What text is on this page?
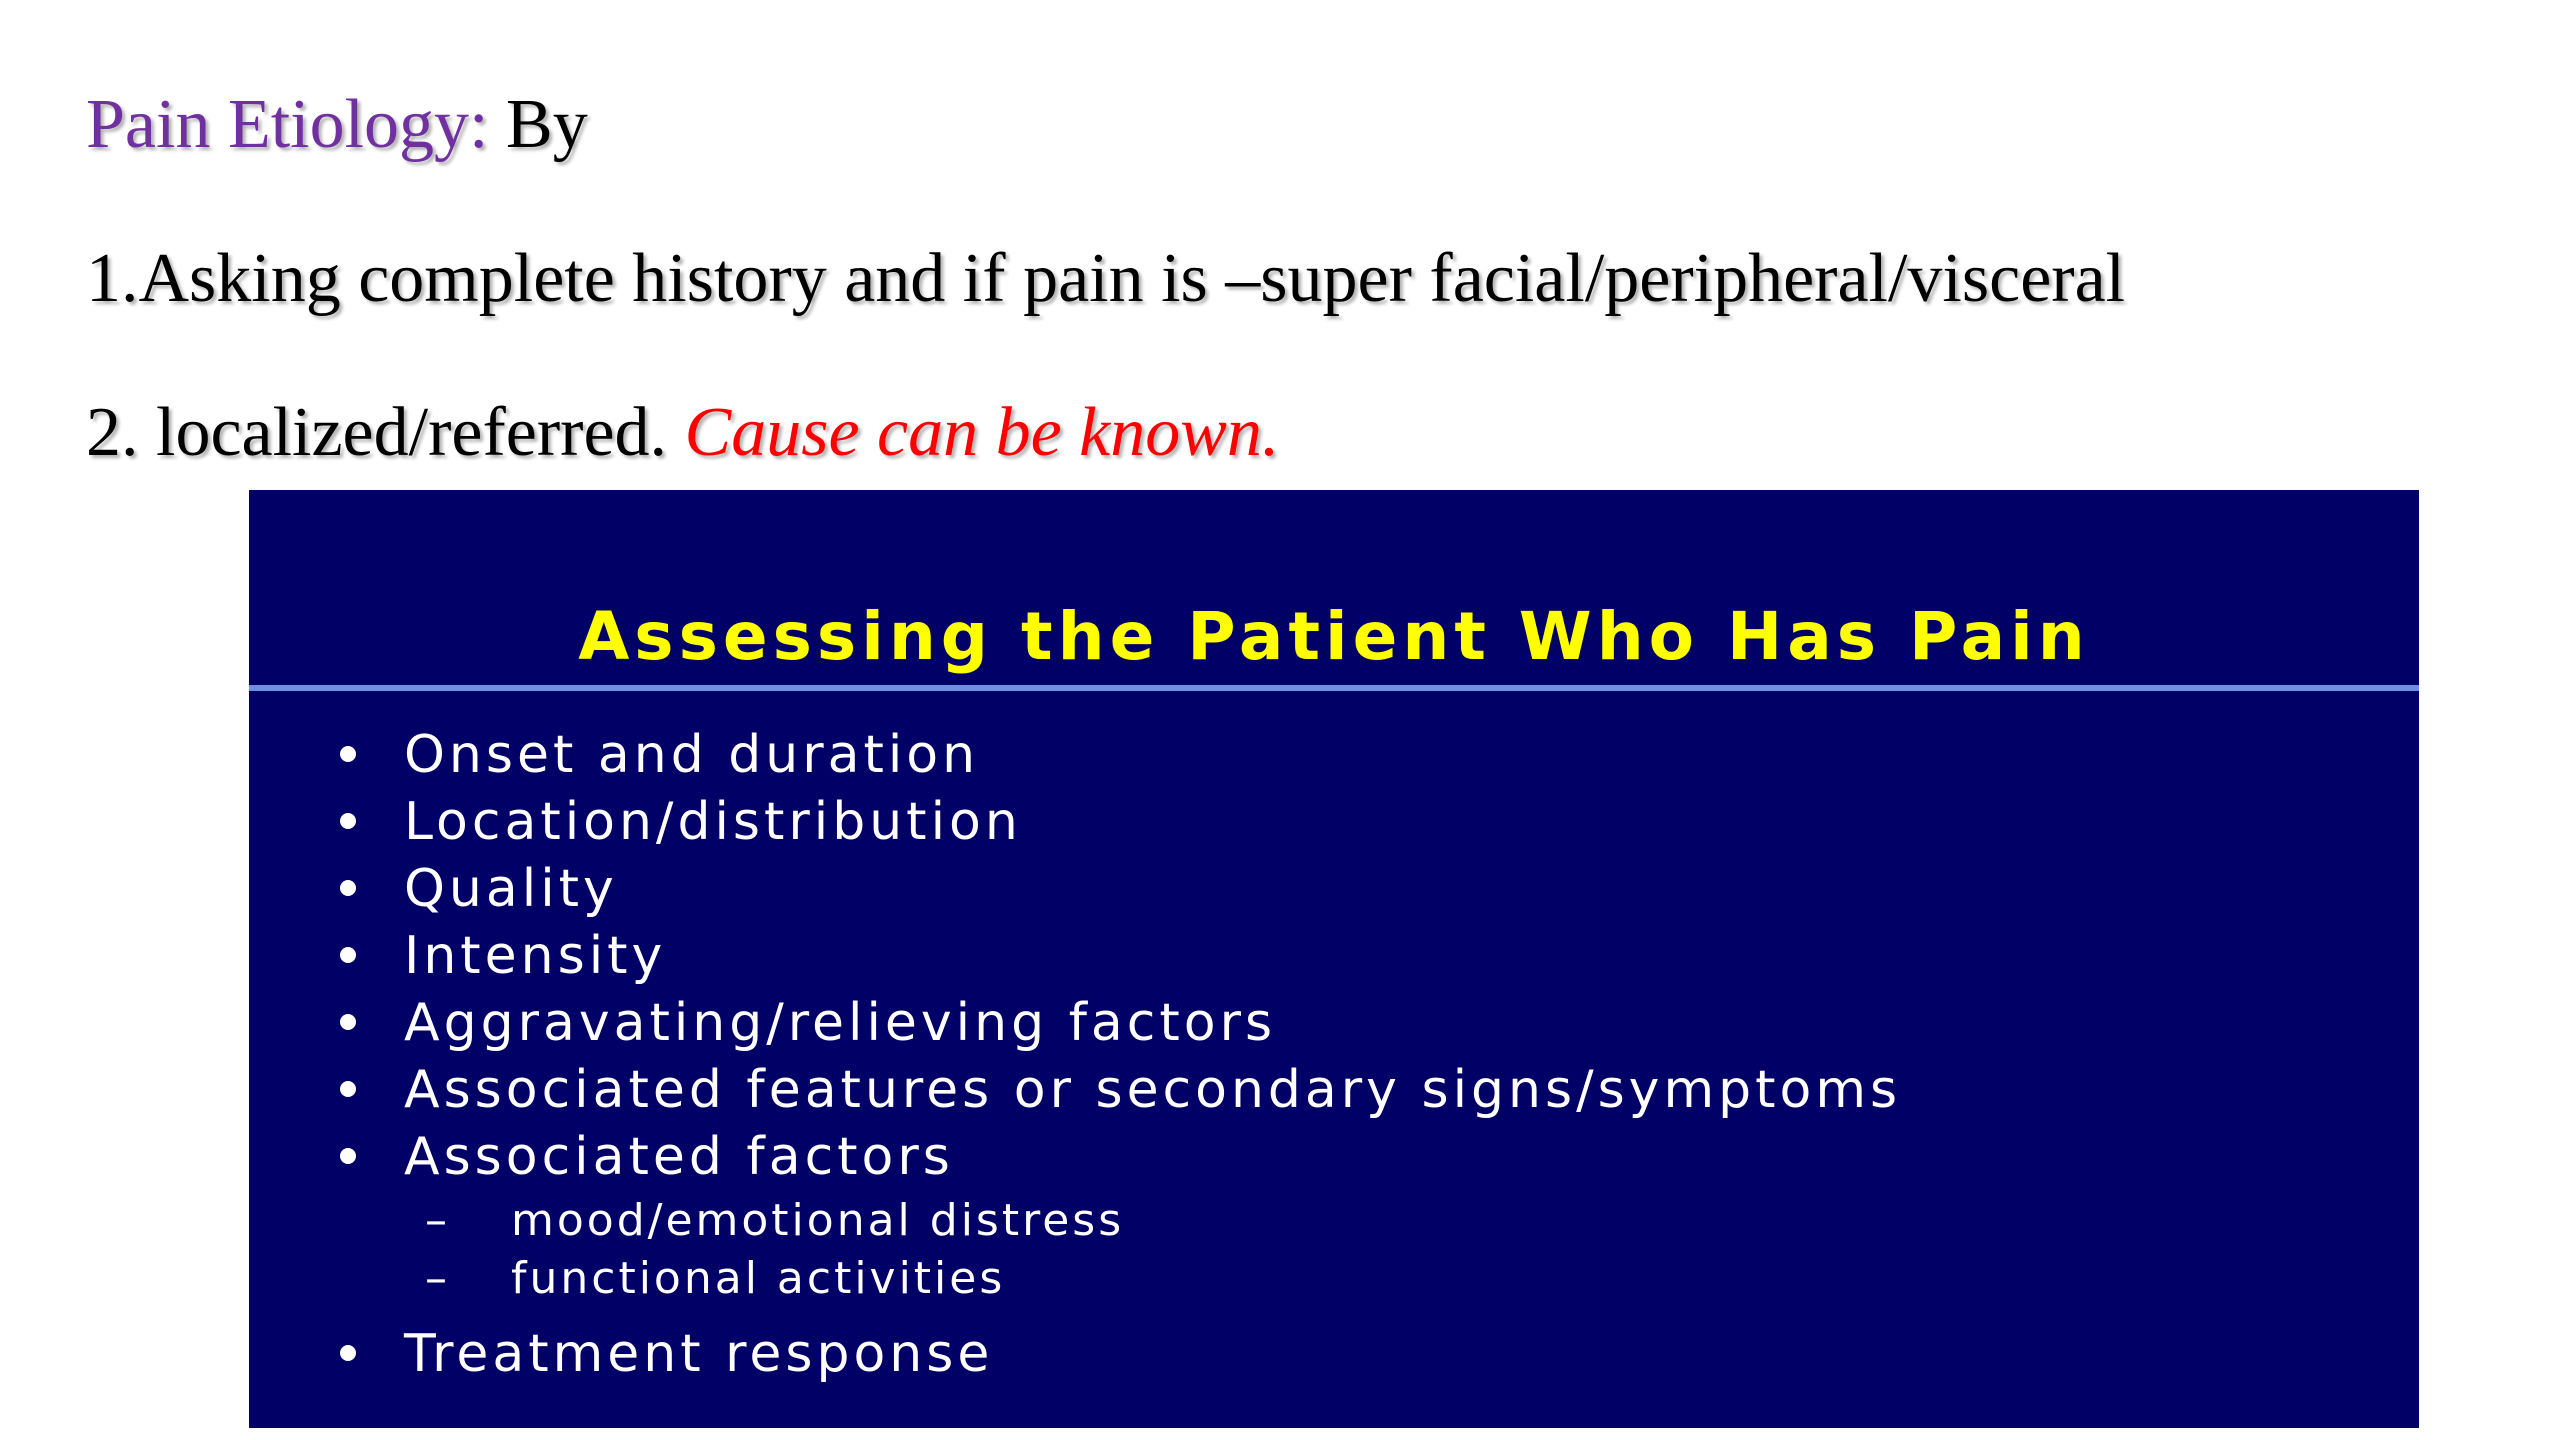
Pain Etiology: By
1.Asking complete history and if pain is –super facial/peripheral/visceral
2. localized/referred. Cause can be known.
Assessing the Patient Who Has Pain
Onset and duration
Location/distribution
Quality
Intensity
Aggravating/relieving factors
Associated features or secondary signs/symptoms
Associated factors
– mood/emotional distress
– functional activities
Treatment response
